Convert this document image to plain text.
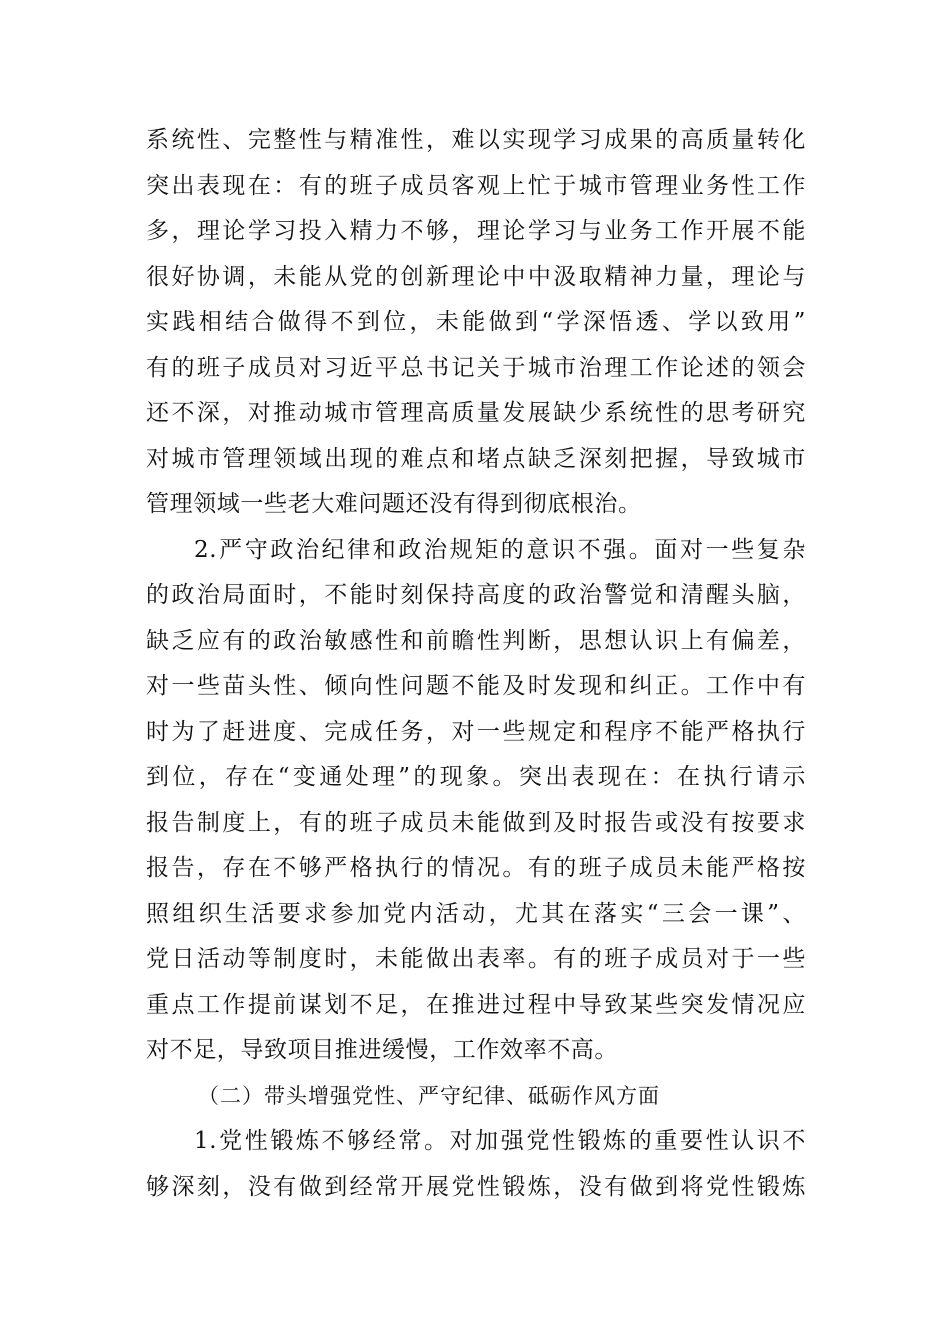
系统性、完整性与精准性，难以实现学习成果的高质量转化
突出表现在：有的班子成员客观上忙于城市管理业务性工作
多，理论学习投入精力不够，理论学习与业务工作开展不能
很好协调，未能从党的创新理论中中汲取精神力量，理论与
实践相结合做得不到位，未能做到“学深悟透、学以致用”
有的班子成员对习近平总书记关于城市治理工作论述的领会
还不深，对推动城市管理高质量发展缺少系统性的思考研究
对城市管理领域出现的难点和堵点缺乏深刻把握，导致城市
管理领域一些老大难问题还没有得到彻底根治。
2.严守政治纪律和政治规矩的意识不强。面对一些复杂
的政治局面时，不能时刻保持高度的政治警觉和清醒头脑，
缺乏应有的政治敏感性和前瞻性判断，思想认识上有偏差，
对一些苗头性、倾向性问题不能及时发现和纠正。工作中有
时为了赶进度、完成任务，对一些规定和程序不能严格执行
到位，存在“变通处理”的现象。突出表现在：在执行请示
报告制度上，有的班子成员未能做到及时报告或没有按要求
报告，存在不够严格执行的情况。有的班子成员未能严格按
照组织生活要求参加党内活动，尤其在落实“三会一课”、
党日活动等制度时，未能做出表率。有的班子成员对于一些
重点工作提前谋划不足，在推进过程中导致某些突发情况应
对不足，导致项目推进缓慢，工作效率不高。
（二）带头增强党性、严守纪律、砥砺作风方面
1.党性锻炼不够经常。对加强党性锻炼的重要性认识不
够深刻，没有做到经常开展党性锻炼，没有做到将党性锻炼
